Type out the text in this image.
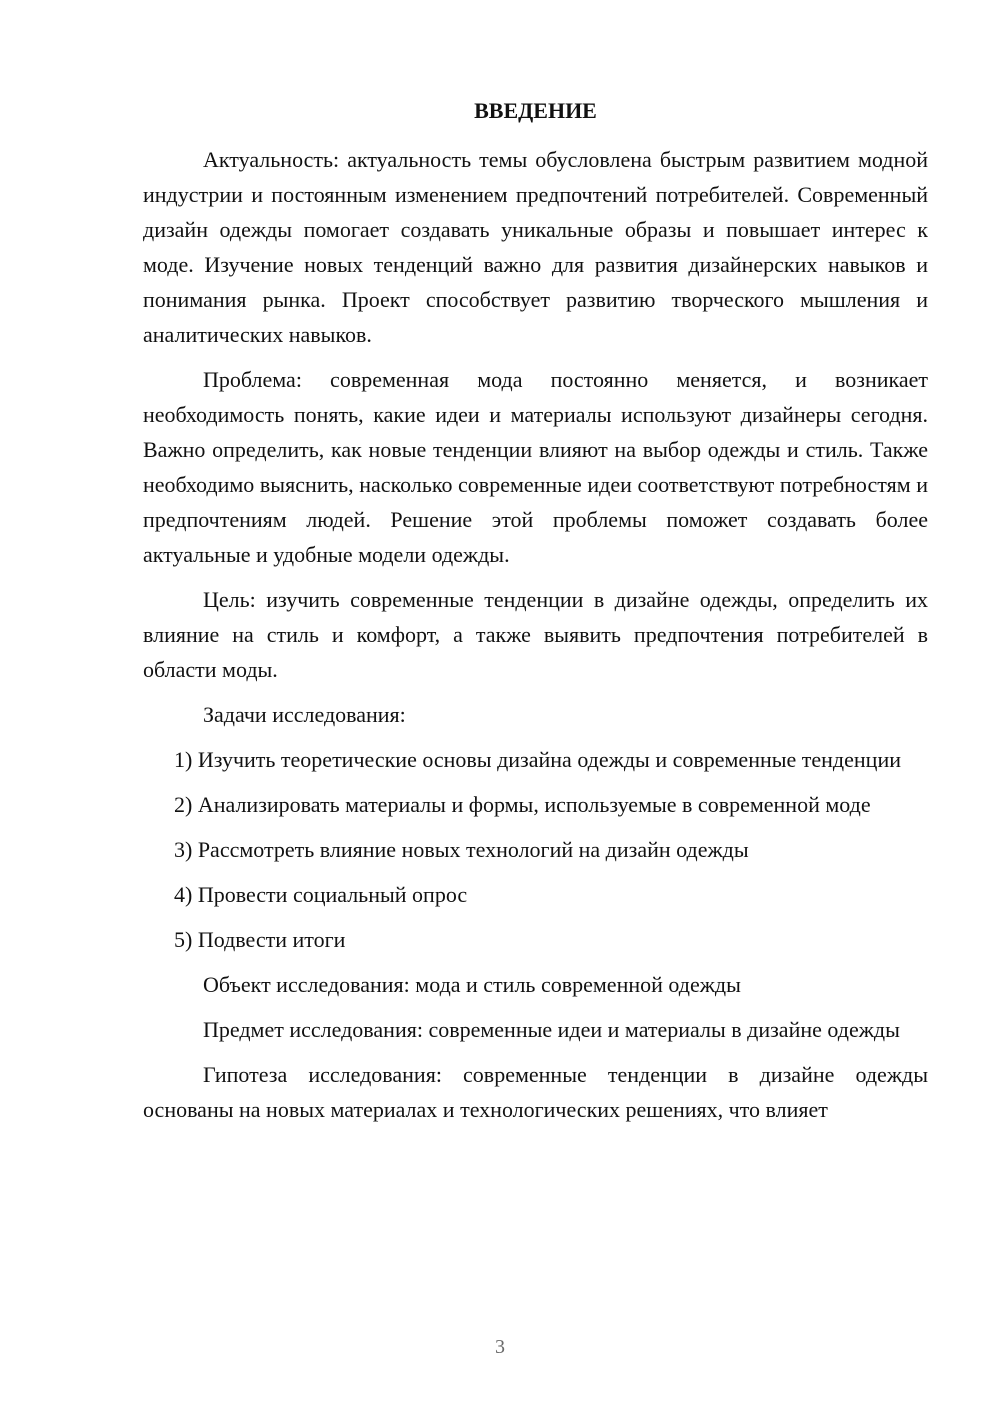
ВВЕДЕНИЕ

Актуальность: актуальность темы обусловлена быстрым развитием модной индустрии и постоянным изменением предпочтений потребителей. Современный дизайн одежды помогает создавать уникальные образы и повышает интерес к моде. Изучение новых тенденций важно для развития дизайнерских навыков и понимания рынка. Проект способствует развитию творческого мышления и аналитических навыков.

Проблема: современная мода постоянно меняется, и возникает необходимость понять, какие идеи и материалы используют дизайнеры сегодня. Важно определить, как новые тенденции влияют на выбор одежды и стиль. Также необходимо выяснить, насколько современные идеи соответствуют потребностям и предпочтениям людей. Решение этой проблемы поможет создавать более актуальные и удобные модели одежды.

Цель: изучить современные тенденции в дизайне одежды, определить их влияние на стиль и комфорт, а также выявить предпочтения потребителей в области моды.

Задачи исследования:

1) Изучить теоретические основы дизайна одежды и современные тенденции

2) Анализировать материалы и формы, используемые в современной моде

3) Рассмотреть влияние новых технологий на дизайн одежды

4) Провести социальный опрос

5) Подвести итоги

Объект исследования: мода и стиль современной одежды

Предмет исследования: современные идеи и материалы в дизайне одежды

Гипотеза исследования: современные тенденции в дизайне одежды основаны на новых материалах и технологических решениях, что влияет

3
